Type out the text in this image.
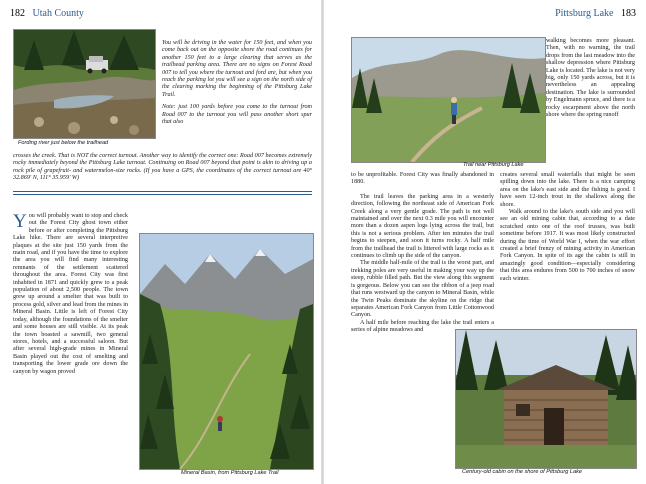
182 Utah County
Fording river just below the trailhead

You will be driving in the water for 150 feet, and when you come back out on the opposite shore the road continues for another 150 feet to a large clearing that serves as the trailhead parking area. There are no signs on Forest Road 007 to tell you where the turnout and ford are, but when you reach the parking lot you will see a sign on the north side of the clearing marking the beginning of the Pittsburg Lake Trail.

Note: just 100 yards before you come to the turnout from Road 007 to the turnout you will pass another short spur that also

crosses the creek. That is NOT the correct turnout. Another way to identify the correct one: Road 007 becomes extremely rocky immediately beyond the Pittsburg Lake turnout. Continuing on Road 007 beyond that point is akin to driving up a rock pile of grapefruit- and watermelon-size rocks. (If you have a GPS, the coordinates of the correct turnout are 40° 32.869' N, 111° 35.959' W)

You will probably want to stop and check out the Forest City ghost town either before or after completing the Pittsburg Lake hike. There are several interpretive plaques at the site just 150 yards from the main road, and if you have the time to explore the area you will find many interesting remnants of the settlement scattered throughout the area. Forest City was first inhabited in 1871 and quickly grew to a peak population of about 2,500 people. The town grew up around a smelter that was built to process gold, silver and lead from the mines in Mineral Basin. Little is left of Forest City today, although the foundations of the smelter and some houses are still visible. At its peak the town boasted a sawmill, two general stores, hotels, and a successful saloon. But after several high-grade mines in Mineral Basin played out the cost of smelting and transporting the lower grade ore down the canyon by wagon proved
Mineral Basin, from Pittsburg Lake Trail
Pittsburg Lake 183
Trail near Pittsburg Lake

walking becomes more pleasant. Then, with no warning, the trail drops from the last meadow into the shallow depression where Pittsburg Lake is located. The lake is not very big, only 150 yards across, but it is nevertheless an appealing destination. The lake is surrounded by Engelmann spruce, and there is a rocky escarpment above the north shore where the spring runoff

to be unprofitable. Forest City was finally abandoned in 1880.

The trail leaves the parking area in a westerly direction, following the northeast side of American Fork Creek along a very gentle grade. The path is not well maintained and over the next 0.3 mile you will encounter more than a dozen aspen logs lying across the trail, but this is not a serious problem. After ten minutes the trail begins to steepen, and soon it turns rocky. A half mile from the trailhead the trail is littered with large rocks as it continues to climb up the side of the canyon.

The middle half-mile of the trail is the worst part, and trekking poles are very useful in making your way up the steep, rubble filled path. But the view along this segment is gorgeous. Below you can see the ribbon of a jeep road that runs westward up the canyon to Mineral Basin, while the Twin Peaks dominate the skyline on the ridge that separates American Fork Canyon from Little Cottonwood Canyon.

A half mile before reaching the lake the trail enters a series of alpine meadows and

creates several small waterfalls that might be seen spilling down into the lake. There is a nice camping area on the lake's east side and the fishing is good. I have seen 12-inch trout in the shallows along the shore.

Walk around to the lake's south side and you will see an old mining cabin that, according to a date scratched onto one of the roof trusses, was built sometime before 1917. It was most likely constructed during the time of World War I, when the war effort created a brief frenzy of mining activity in American Fork Canyon. In spite of its age the cabin is still in amazingly good condition—especially considering that this area endures from 500 to 700 inches of snow each winter.

Century-old cabin on the shore of Pittsburg Lake
